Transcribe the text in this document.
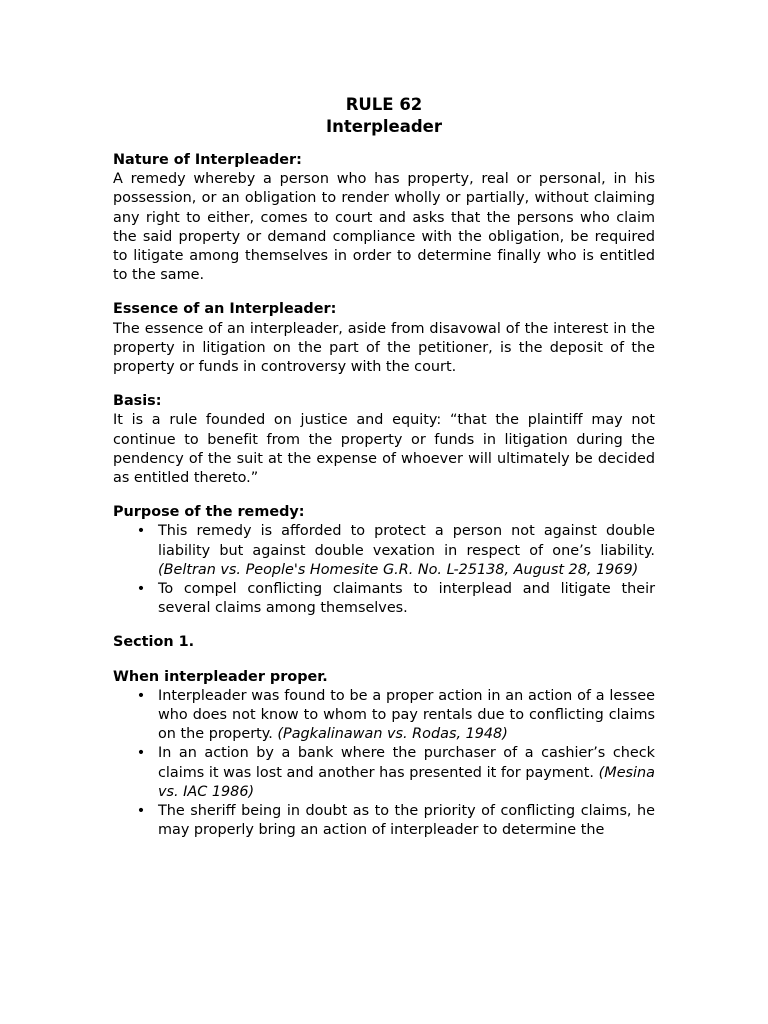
RULE 62
Interpleader
Nature of Interpleader:
A remedy whereby a person who has property, real or personal, in his possession, or an obligation to render wholly or partially, without claiming any right to either, comes to court and asks that the persons who claim the said property or demand compliance with the obligation, be required to litigate among themselves in order to determine finally who is entitled to the same.
Essence of an Interpleader:
The essence of an interpleader, aside from disavowal of the interest in the property in litigation on the part of the petitioner, is the deposit of the property or funds in controversy with the court.
Basis:
It is a rule founded on justice and equity: “that the plaintiff may not continue to benefit from the property or funds in litigation during the pendency of the suit at the expense of whoever will ultimately be decided as entitled thereto.”
Purpose of the remedy:
• This remedy is afforded to protect a person not against double liability but against double vexation in respect of one’s liability. (Beltran vs. People's Homesite G.R. No. L-25138, August 28, 1969)
• To compel conflicting claimants to interplead and litigate their several claims among themselves.
Section 1.
When interpleader proper.
• Interpleader was found to be a proper action in an action of a lessee who does not know to whom to pay rentals due to conflicting claims on the property. (Pagkalinawan vs. Rodas, 1948)
• In an action by a bank where the purchaser of a cashier’s check claims it was lost and another has presented it for payment. (Mesina vs. IAC 1986)
• The sheriff being in doubt as to the priority of conflicting claims, he may properly bring an action of interpleader to determine the
